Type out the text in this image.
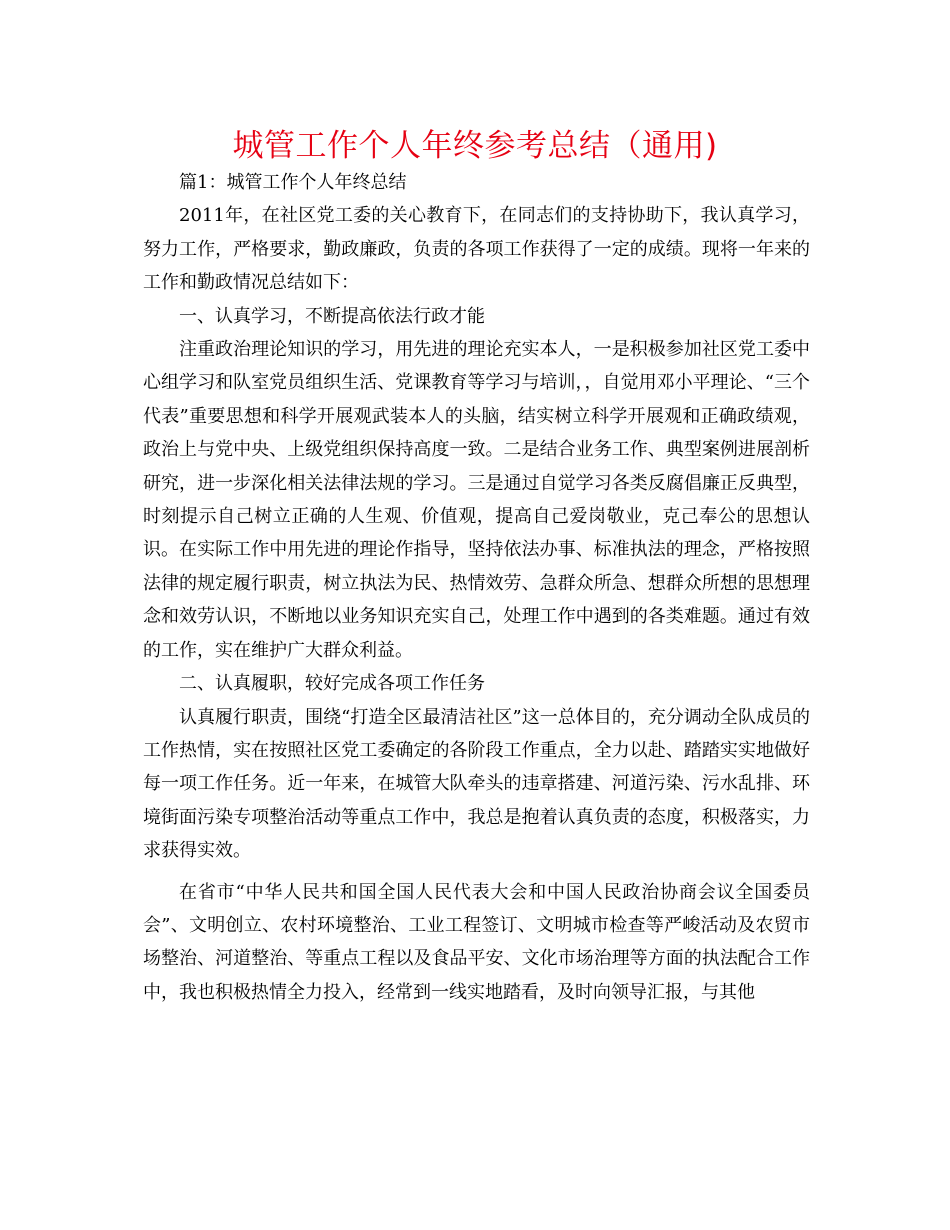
城管工作个人年终参考总结（通用)

篇1：城管工作个人年终总结

2011年，在社区党工委的关心教育下，在同志们的支持协助下，我认真学习，努力工作，严格要求，勤政廉政，负责的各项工作获得了一定的成绩。现将一年来的工作和勤政情况总结如下：

一、认真学习，不断提高依法行政才能

注重政治理论知识的学习，用先进的理论充实本人，一是积极参加社区党工委中心组学习和队室党员组织生活、党课教育等学习与培训，，自觉用邓小平理论、“三个代表”重要思想和科学开展观武装本人的头脑，结实树立科学开展观和正确政绩观，政治上与党中央、上级党组织保持高度一致。二是结合业务工作、典型案例进展剖析研究，进一步深化相关法律法规的学习。三是通过自觉学习各类反腐倡廉正反典型，时刻提示自己树立正确的人生观、价值观，提高自己爱岗敬业，克己奉公的思想认识。在实际工作中用先进的理论作指导，坚持依法办事、标准执法的理念，严格按照法律的规定履行职责，树立执法为民、热情效劳、急群众所急、想群众所想的思想理念和效劳认识，不断地以业务知识充实自己，处理工作中遇到的各类难题。通过有效的工作，实在维护广大群众利益。

二、认真履职，较好完成各项工作任务

认真履行职责，围绕“打造全区最清洁社区”这一总体目的，充分调动全队成员的工作热情，实在按照社区党工委确定的各阶段工作重点，全力以赴、踏踏实实地做好每一项工作任务。近一年来，在城管大队牵头的违章搭建、河道污染、污水乱排、环境街面污染专项整治活动等重点工作中，我总是抱着认真负责的态度，积极落实，力求获得实效。

在省市“中华人民共和国全国人民代表大会和中国人民政治协商会议全国委员会”、文明创立、农村环境整治、工业工程签订、文明城市检查等严峻活动及农贸市场整治、河道整治、等重点工程以及食品平安、文化市场治理等方面的执法配合工作中，我也积极热情全力投入，经常到一线实地踏看，及时向领导汇报，与其他
